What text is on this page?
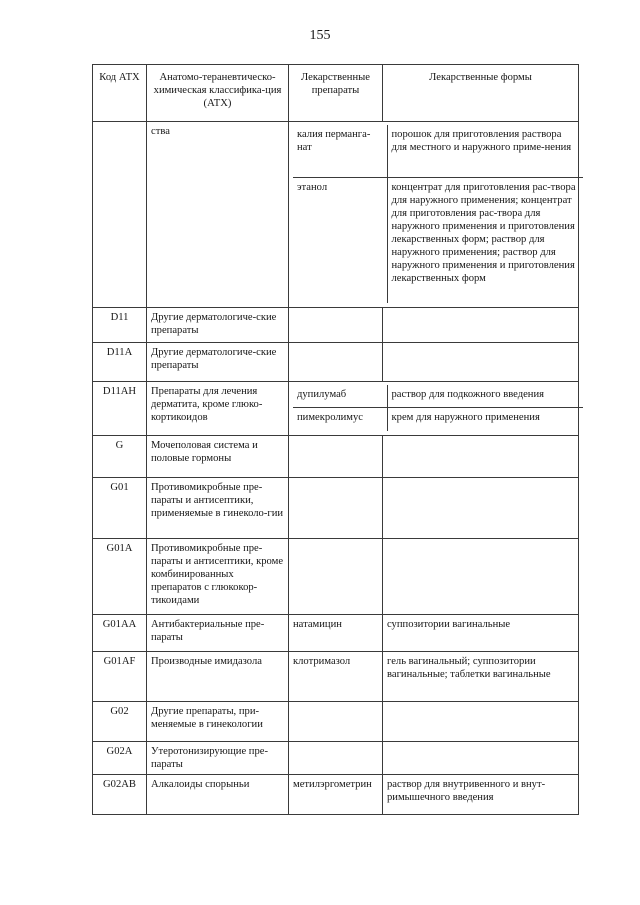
155
Код АТХ	Анатомо-тераневтическо-химическая классифика-ция (АТХ)	Лекарственные препараты	Лекарственные формы
	ства		калия перманга-нат	порошок для приготовления раствора для местного и наружного приме-нения
этанол	концентрат для приготовления рас-твора для наружного применения; концентрат для приготовления рас-твора для наружного применения и приготовления лекарственных форм; раствор для наружного применения; раствор для наружного применения и приготовления лекарственных форм

D11	Другие дерматологиче-ские препараты		
D11A	Другие дерматологиче-ские препараты		
D11AH	Препараты для лечения дерматита, кроме глюко-кортикоидов	
дупилумаб	раствор для подкожного введения
пимекролимус	крем для наружного применения

G	Мочеполовая система и половые гормоны		
G01	Противомикробные пре-параты и антисептики, применяемые в гинеколо-гии		
G01A	Противомикробные пре-параты и антисептики, кроме комбинированных препаратов с глюкокор-тикоидами		
G01AA	Антибактериальные пре-параты	натамицин	суппозитории вагинальные
G01AF	Производные имидазола	клотримазол	гель вагинальный; суппозитории вагинальные; таблетки вагинальные
G02	Другие препараты, при-меняемые в гинекологии		
G02A	Утеротонизирующие пре-параты		
G02AB	Алкалоиды спорыньи	метилэргометрин	раствор для внутривенного и внут-римышечного введения
